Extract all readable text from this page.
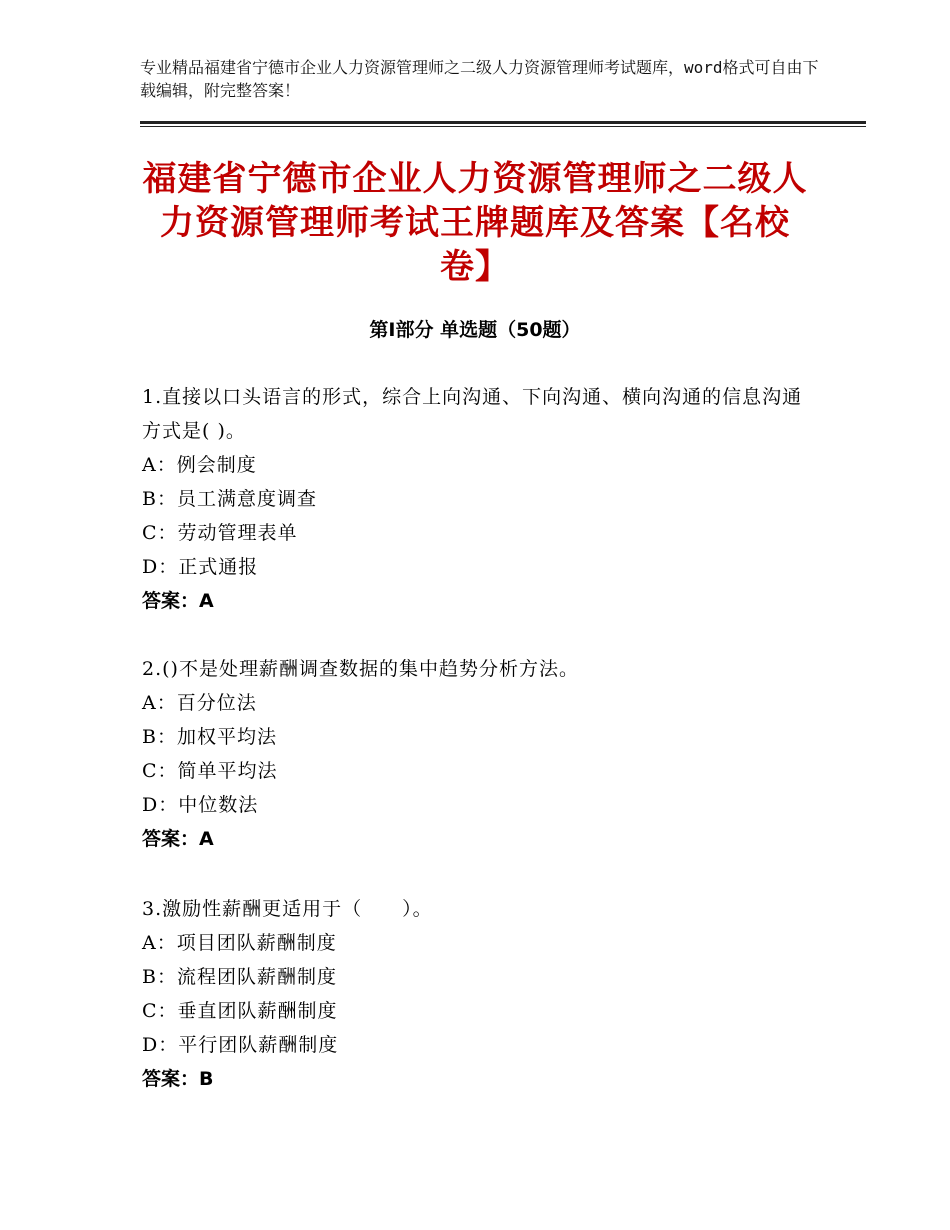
专业精品福建省宁德市企业人力资源管理师之二级人力资源管理师考试题库，word格式可自由下载编辑，附完整答案！
福建省宁德市企业人力资源管理师之二级人力资源管理师考试王牌题库及答案【名校卷】
第Ⅰ部分 单选题（50题）

1.直接以口头语言的形式，综合上向沟通、下向沟通、横向沟通的信息沟通方式是( )。

A：例会制度

B：员工满意度调查

C：劳动管理表单

D：正式通报

答案：A

2.()不是处理薪酬调查数据的集中趋势分析方法。

A：百分位法

B：加权平均法

C：简单平均法

D：中位数法

答案：A

3.激励性薪酬更适用于（　　）。

A：项目团队薪酬制度

B：流程团队薪酬制度

C：垂直团队薪酬制度

D：平行团队薪酬制度

答案：B
